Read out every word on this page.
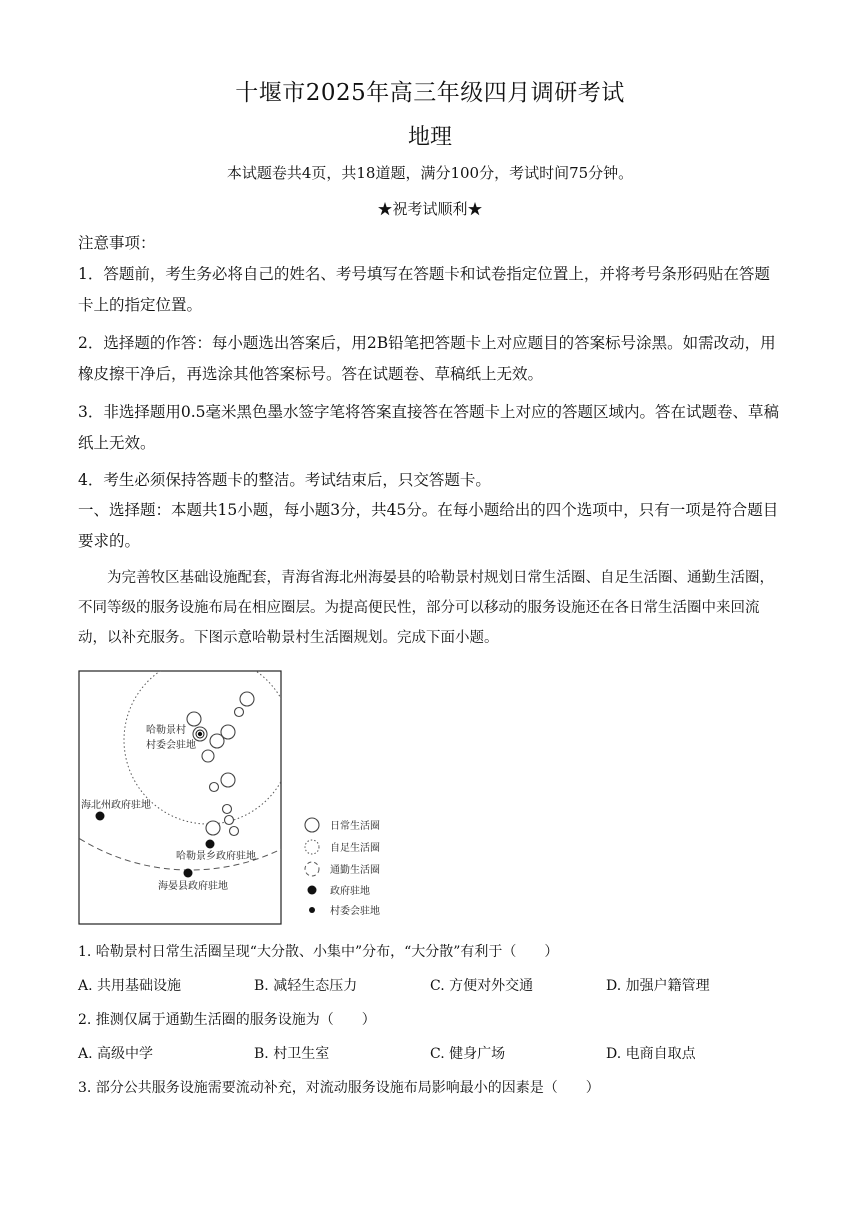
十堰市2025年高三年级四月调研考试
地理
本试题卷共4页，共18道题，满分100分，考试时间75分钟。
★祝考试顺利★

注意事项：

1．答题前，考生务必将自己的姓名、考号填写在答题卡和试卷指定位置上，并将考号条形码贴在答题卡上的指定位置。

2．选择题的作答：每小题选出答案后，用2B铅笔把答题卡上对应题目的答案标号涂黑。如需改动，用橡皮擦干净后，再选涂其他答案标号。答在试题卷、草稿纸上无效。

3．非选择题用0.5毫米黑色墨水签字笔将答案直接答在答题卡上对应的答题区域内。答在试题卷、草稿纸上无效。

4．考生必须保持答题卡的整洁。考试结束后，只交答题卡。

一、选择题：本题共15小题，每小题3分，共45分。在每小题给出的四个选项中，只有一项是符合题目要求的。

为完善牧区基础设施配套，青海省海北州海晏县的哈勒景村规划日常生活圈、自足生活圈、通勤生活圈，不同等级的服务设施布局在相应圈层。为提高便民性，部分可以移动的服务设施还在各日常生活圈中来回流动，以补充服务。下图示意哈勒景村生活圈规划。完成下面小题。

哈勒景村
村委会驻地
海北州政府驻地
哈勒景乡政府驻地
海晏县政府驻地
日常生活圈
自足生活圈
通勤生活圈
政府驻地
村委会驻地
1. 哈勒景村日常生活圈呈现“大分散、小集中”分布，“大分散”有利于（　　）
A. 共用基础设施	B. 减轻生态压力	C. 方便对外交通	D. 加强户籍管理
2. 推测仅属于通勤生活圈的服务设施为（　　）
A. 高级中学	B. 村卫生室	C. 健身广场	D. 电商自取点
3. 部分公共服务设施需要流动补充，对流动服务设施布局影响最小的因素是（　　）
